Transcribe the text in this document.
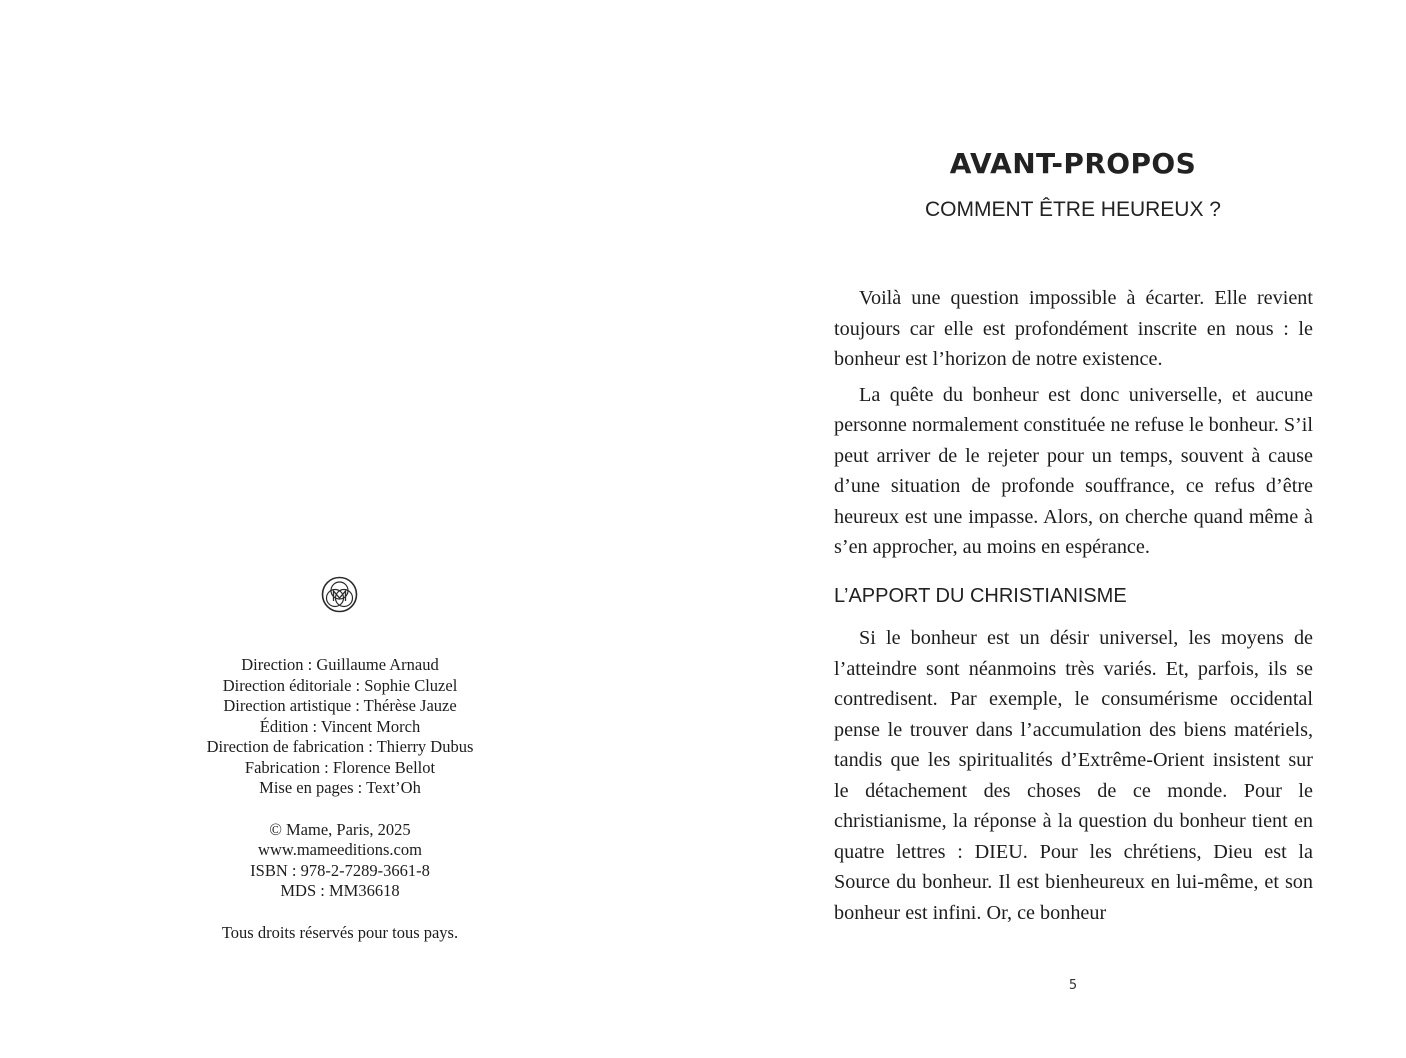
Direction : Guillaume Arnaud
Direction éditoriale : Sophie Cluzel
Direction artistique : Thérèse Jauze
Édition : Vincent Morch
Direction de fabrication : Thierry Dubus
Fabrication : Florence Bellot
Mise en pages : Text’Oh
© Mame, Paris, 2025
www.mameeditions.com
ISBN : 978-2-7289-3661-8
MDS : MM36618
Tous droits réservés pour tous pays.
AVANT-PROPOS
COMMENT ÊTRE HEUREUX ?

Voilà une question impossible à écarter. Elle revient toujours car elle est profondément inscrite en nous : le bonheur est l’horizon de notre existence.

La quête du bonheur est donc universelle, et aucune personne normalement constituée ne refuse le bonheur. S’il peut arriver de le rejeter pour un temps, souvent à cause d’une situation de profonde souffrance, ce refus d’être heureux est une impasse. Alors, on cherche quand même à s’en approcher, au moins en espérance.

L’APPORT DU CHRISTIANISME

Si le bonheur est un désir universel, les moyens de l’atteindre sont néanmoins très variés. Et, parfois, ils se contredisent. Par exemple, le consumérisme occidental pense le trouver dans l’accumulation des biens matériels, tandis que les spiritualités d’Extrême-Orient insistent sur le détachement des choses de ce monde. Pour le christianisme, la réponse à la question du bonheur tient en quatre lettres : DIEU. Pour les chrétiens, Dieu est la Source du bonheur. Il est bienheureux en lui-même, et son bonheur est infini. Or, ce bonheur

5
